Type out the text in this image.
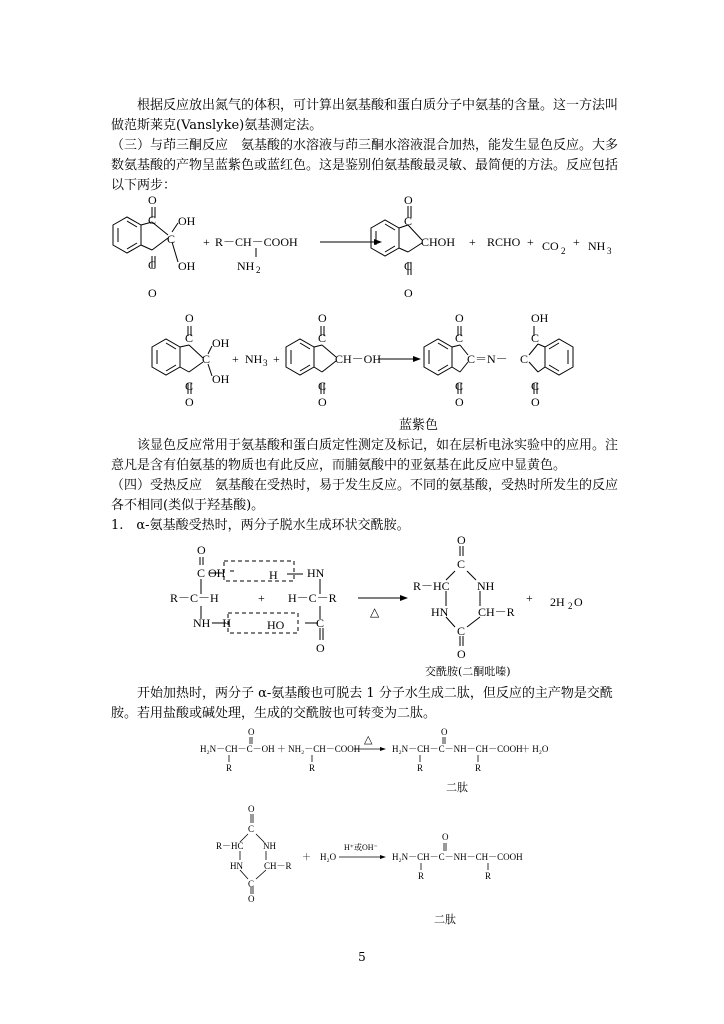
根据反应放出氮气的体积，可计算出氨基酸和蛋白质分子中氨基的含量。这一方法叫做范斯莱克(Vanslyke)氨基测定法。

（三）与茚三酮反应　氨基酸的水溶液与茚三酮水溶液混合加热，能发生显色反应。大多数氨基酸的产物呈蓝紫色或蓝红色。这是鉴别伯氨基酸最灵敏、最简便的方法。反应包括以下两步：

O
C OH
C
C OH
O
+ R－CH－COOH
NH 2
O
C
CHOH
C
O
+ RCHO + CO 2
+ NH 3
O
C OH
C
OH
C
O
+ NH 3 +
O
C
CH－OH
C
O
O
C
C＝N－ C
C
O
OH
C
C
O
蓝紫色

该显色反应常用于氨基酸和蛋白质定性测定及标记，如在层析电泳实验中的应用。注意凡是含有伯氨基的物质也有此反应，而脯氨酸中的亚氨基在此反应中显黄色。

（四）受热反应　氨基酸在受热时，易于发生反应。不同的氨基酸，受热时所发生的反应各不相同(类似于羟基酸)。

1.　α-氨基酸受热时，两分子脱水生成环状交酰胺。

O
C OH	H HN
R－C－H	+ H－C－R
NH－H	HO	C
O
△
O
C
R－HC NH
HN CH－R
C
O
+ 2H 2 O
交酰胺(二酮吡嗪)

开始加热时，两分子 α-氨基酸也可脱去 1 分子水生成二肽，但反应的主产物是交酰胺。若用盐酸或碱处理，生成的交酰胺也可转变为二肽。

O
H₂N－CH－C－OH ＋ NH₂－CH－COOH
R	R
△
O
H₂N－CH－C－NH－CH－COOH
＋ H₂O
R	R
二肽
O
C
R－HC NH
HN CH－R
C
O
＋　H₂O
H⁺或OH⁻
O
H₂N－CH－C－NH－CH－COOH
R	R
二肽
5
